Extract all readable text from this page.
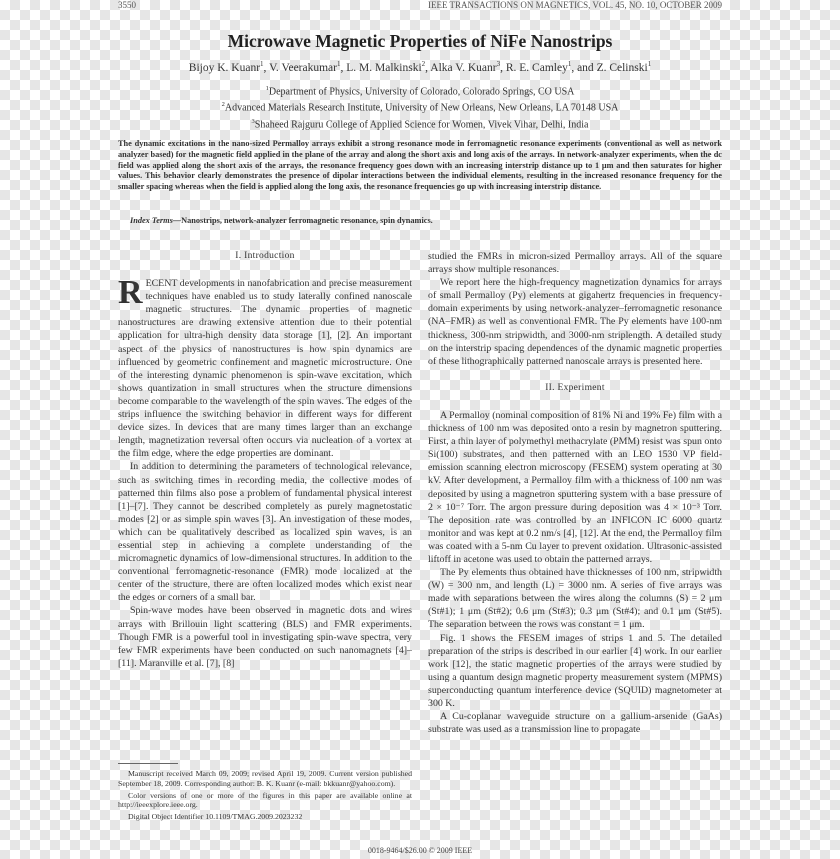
3550	IEEE TRANSACTIONS ON MAGNETICS, VOL. 45, NO. 10, OCTOBER 2009
Microwave Magnetic Properties of NiFe Nanostrips
Bijoy K. Kuanr$^1$, V. Veerakumar$^1$, L. M. Malkinski$^2$, Alka V. Kuanr$^3$, R. E. Camley$^1$, and Z. Celinski$^1$
$^1$Department of Physics, University of Colorado, Colorado Springs, CO USA
$^2$Advanced Materials Research Institute, University of New Orleans, New Orleans, LA 70148 USA
$^3$Shaheed Rajguru College of Applied Science for Women, Vivek Vihar, Delhi, India
The dynamic excitations in the nano-sized Permalloy arrays exhibit a strong resonance mode in ferromagnetic resonance experiments (conventional as well as network analyzer based) for the magnetic field applied in the plane of the array and along the short axis and long axis of the arrays. In network-analyzer experiments, when the dc field was applied along the short axis of the arrays, the resonance frequency goes down with an increasing interstrip distance up to 1 μm and then saturates for higher values. This behavior clearly demonstrates the presence of dipolar interactions between the individual elements, resulting in the increased resonance frequency for the smaller spacing whereas when the field is applied along the long axis, the resonance frequencies go up with increasing interstrip distance.
Index Terms—Nanostrips, network-analyzer ferromagnetic resonance, spin dynamics.
I. Introduction

RECENT developments in nanofabrication and precise measurement techniques have enabled us to study laterally confined nanoscale magnetic structures. The dynamic properties of magnetic nanostructures are drawing extensive attention due to their potential application for ultra-high density data storage [1], [2]. An important aspect of the physics of nanostructures is how spin dynamics are influenced by geometric confinement and magnetic microstructure. One of the interesting dynamic phenomenon is spin-wave excitation, which shows quantization in small structures when the structure dimensions become comparable to the wavelength of the spin waves. The edges of the strips influence the switching behavior in different ways for different device sizes. In devices that are many times larger than an exchange length, magnetization reversal often occurs via nucleation of a vortex at the film edge, where the edge properties are dominant.

In addition to determining the parameters of technological relevance, such as switching times in recording media, the collective modes of patterned thin films also pose a problem of fundamental physical interest [1]–[7]. They cannot be described completely as purely magnetostatic modes [2] or as simple spin waves [3]. An investigation of these modes, which can be qualitatively described as localized spin waves, is an essential step in achieving a complete understanding of the micromagnetic dynamics of low-dimensional structures. In addition to the conventional ferromagnetic-resonance (FMR) mode localized at the center of the structure, there are often localized modes which exist near the edges or corners of a small bar.

Spin-wave modes have been observed in magnetic dots and wires arrays with Brillouin light scattering (BLS) and FMR experiments. Though FMR is a powerful tool in investigating spin-wave spectra, very few FMR experiments have been conducted on such nanomagnets [4]–[11]. Maranville et al. [7], [8]

studied the FMRs in micron-sized Permalloy arrays. All of the square arrays show multiple resonances.

We report here the high-frequency magnetization dynamics for arrays of small Permalloy (Py) elements at gigahertz frequencies in frequency-domain experiments by using network-analyzer–ferromagnetic resonance (NA–FMR) as well as conventional FMR. The Py elements have 100-nm thickness, 300-nm stripwidth, and 3000-nm striplength. A detailed study on the interstrip spacing dependences of the dynamic magnetic properties of these lithographically patterned nanoscale arrays is presented here.

II. Experiment

A Permalloy (nominal composition of 81% Ni and 19% Fe) film with a thickness of 100 nm was deposited onto a resin by magnetron sputtering. First, a thin layer of polymethyl methacrylate (PMM) resist was spun onto Si(100) substrates, and then patterned with an LEO 1530 VP field-emission scanning electron microscopy (FESEM) system operating at 30 kV. After development, a Permalloy film with a thickness of 100 nm was deposited by using a magnetron sputtering system with a base pressure of 2 × 10⁻⁷ Torr. The argon pressure during deposition was 4 × 10⁻³ Torr. The deposition rate was controlled by an INFICON IC 6000 quartz monitor and was kept at 0.2 nm/s [4], [12]. At the end, the Permalloy film was coated with a 5-nm Cu layer to prevent oxidation. Ultrasonic-assisted liftoff in acetone was used to obtain the patterned arrays.

The Py elements thus obtained have thicknesses of 100 nm, stripwidth (W) = 300 nm, and length (L) = 3000 nm. A series of five arrays was made with separations between the wires along the columns (S) = 2 μm (St#1); 1 μm (St#2); 0.6 μm (St#3); 0.3 μm (St#4); and 0.1 μm (St#5). The separation between the rows was constant = 1 μm.

Fig. 1 shows the FESEM images of strips 1 and 5. The detailed preparation of the strips is described in our earlier [4] work. In our earlier work [12], the static magnetic properties of the arrays were studied by using a quantum design magnetic property measurement system (MPMS) superconducting quantum interference device (SQUID) magnetometer at 300 K.

A Cu-coplanar waveguide structure on a gallium-arsenide (GaAs) substrate was used as a transmission line to propagate

Manuscript received March 09, 2009; revised April 19, 2009. Current version published September 18, 2009. Corresponding author: B. K. Kuanr (e-mail: bkkuanr@yahoo.com).

Color versions of one or more of the figures in this paper are available online at http://ieeexplore.ieee.org.

Digital Object Identifier 10.1109/TMAG.2009.2023232

0018-9464/$26.00 © 2009 IEEE
